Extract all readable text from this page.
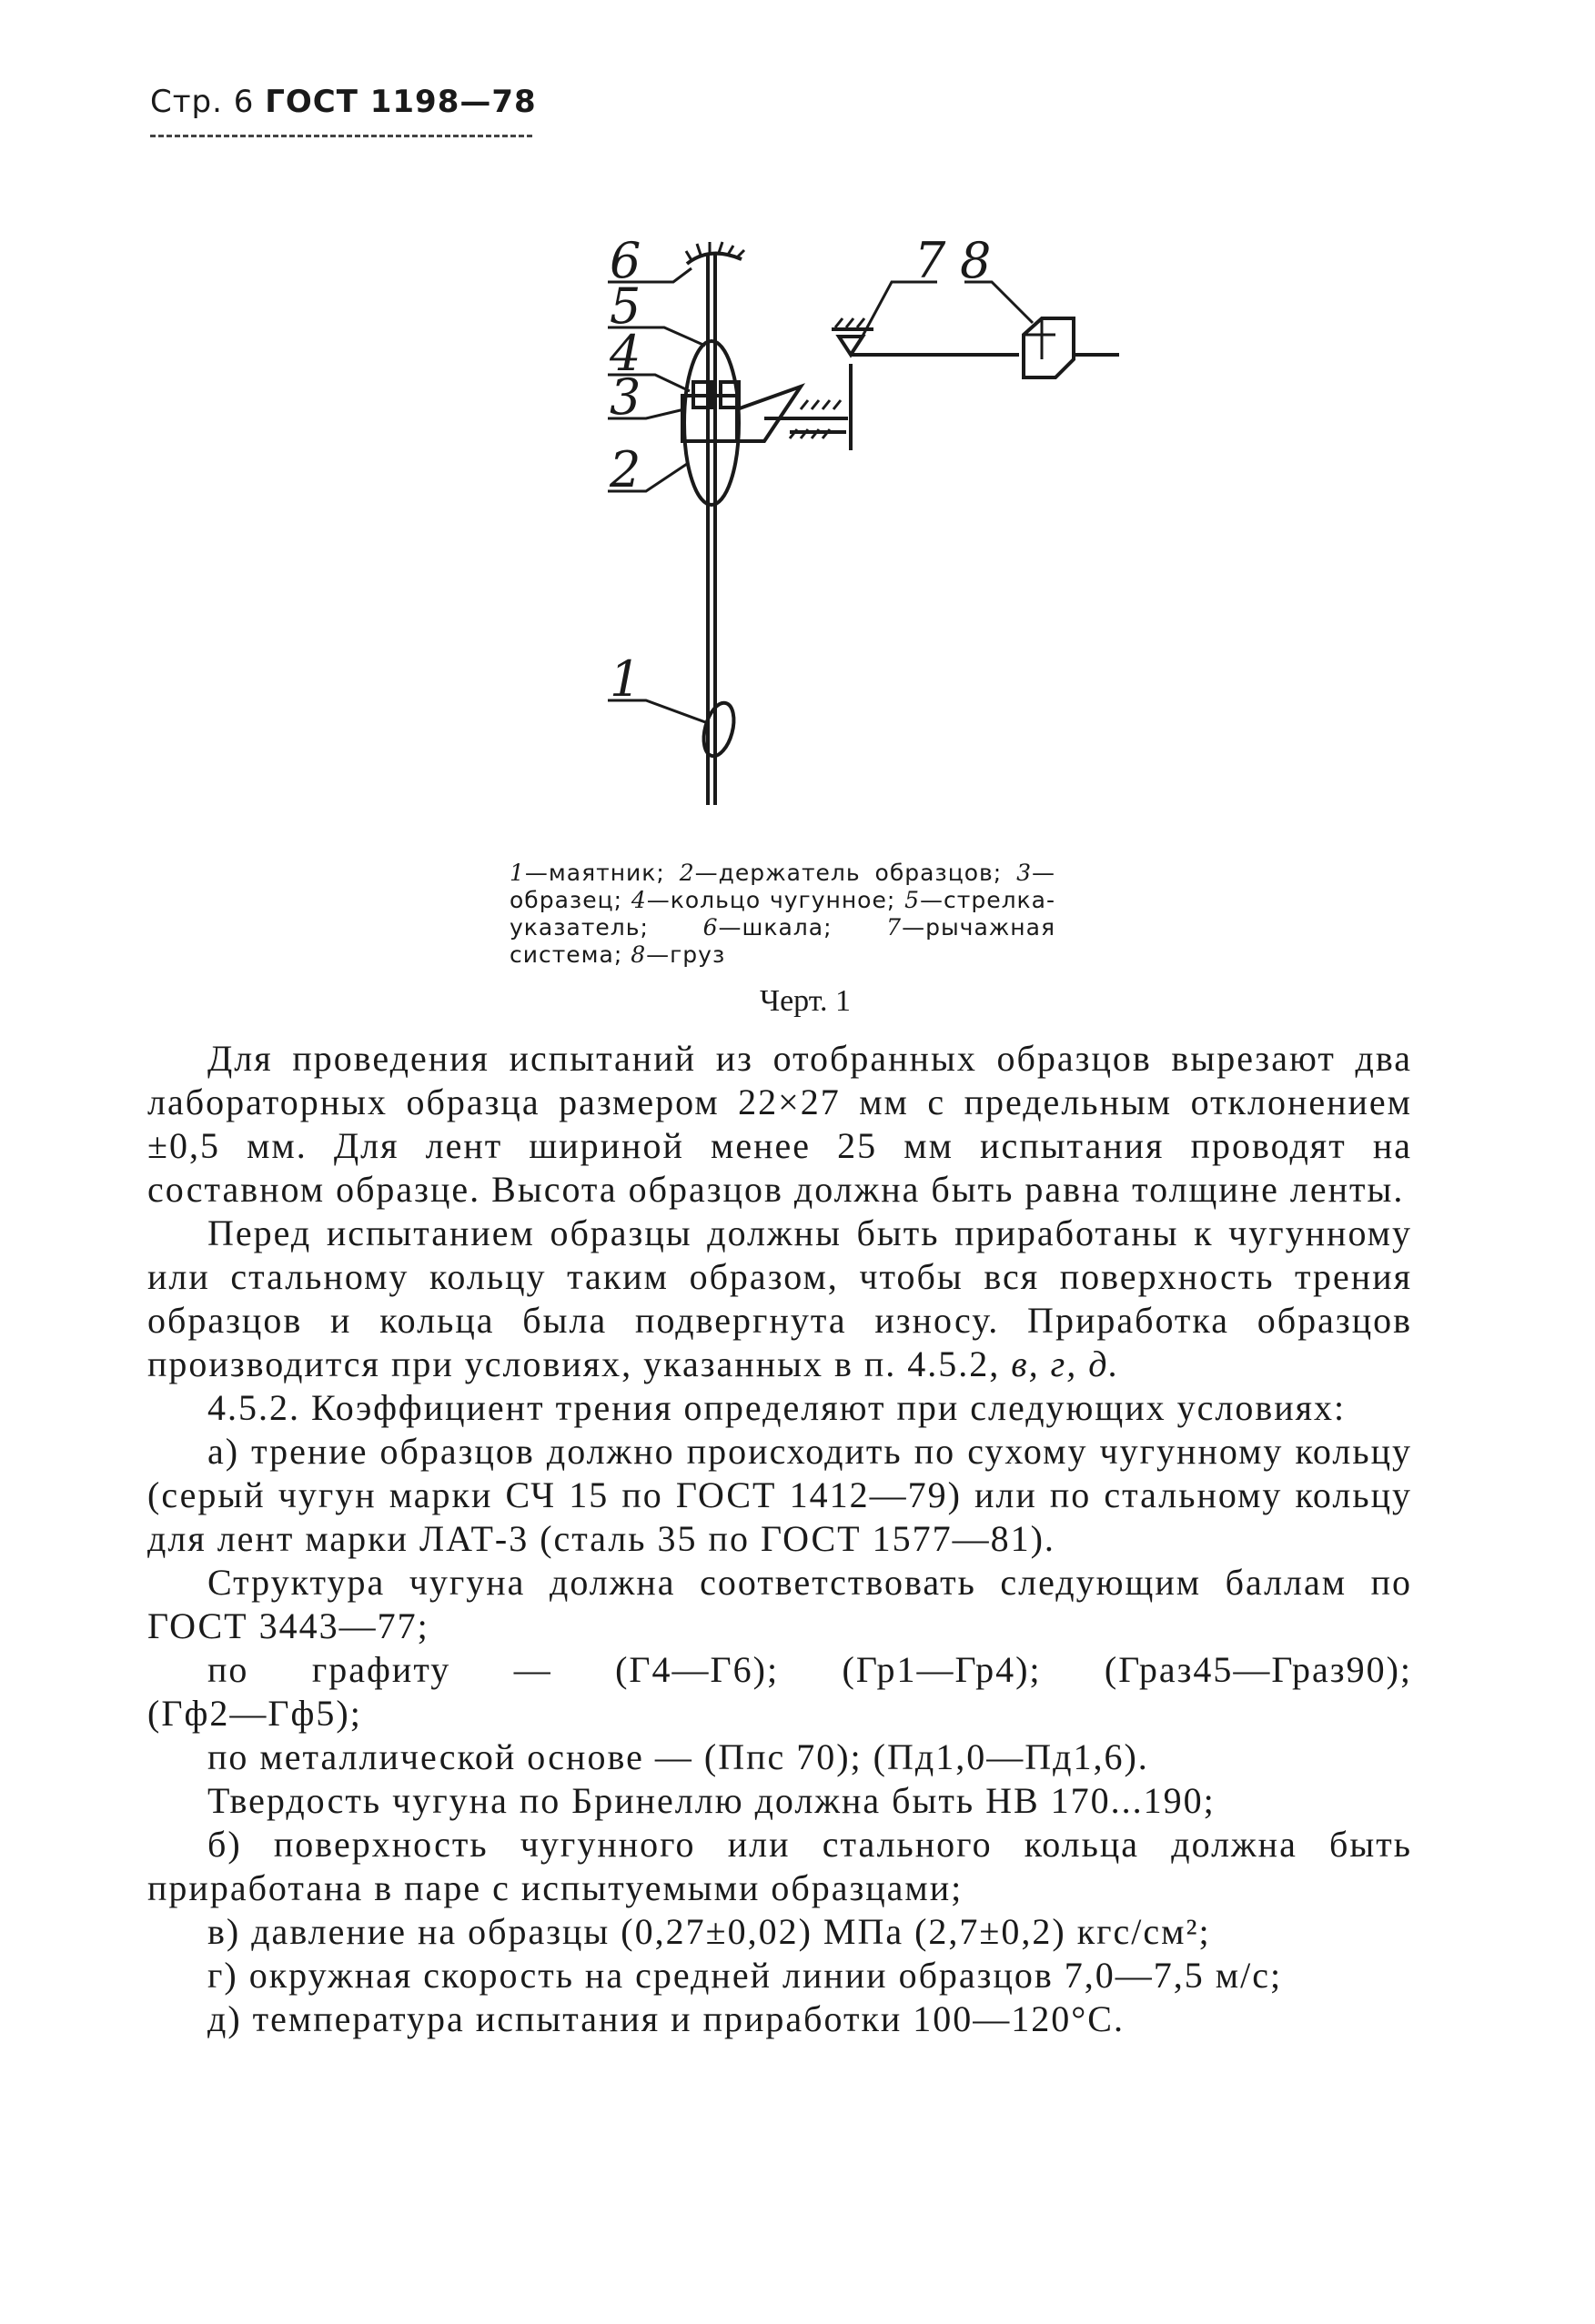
Стр. 6 ГОСТ 1198—78
6
5
4
3
2
1
7 8
1—маятник; 2—держатель образцов; 3—образец; 4—кольцо чугунное; 5—стрелка-указатель; 6—шкала; 7—рычажная система; 8—груз
Черт. 1

Для проведения испытаний из отобранных образцов вырезают два лабораторных образца размером 22×27 мм с предельным отклонением ±0,5 мм. Для лент шириной менее 25 мм испытания проводят на составном образце. Высота образцов должна быть равна толщине ленты.

Перед испытанием образцы должны быть приработаны к чугунному или стальному кольцу таким образом, чтобы вся поверхность трения образцов и кольца была подвергнута износу. Приработка образцов производится при условиях, указанных в п. 4.5.2, в, г, д.

4.5.2. Коэффициент трения определяют при следующих условиях:

а) трение образцов должно происходить по сухому чугунному кольцу (серый чугун марки СЧ 15 по ГОСТ 1412—79) или по стальному кольцу для лент марки ЛАТ-3 (сталь 35 по ГОСТ 1577—81).

Структура чугуна должна соответствовать следующим баллам по ГОСТ 3443—77;

по графиту — (Г4—Г6); (Гр1—Гр4); (Граз45—Граз90);

(Гф2—Гф5);

по металлической основе — (Ппс 70); (Пд1,0—Пд1,6).

Твердость чугуна по Бринеллю должна быть НВ 170...190;

б) поверхность чугунного или стального кольца должна быть приработана в паре с испытуемыми образцами;

в) давление на образцы (0,27±0,02) МПа (2,7±0,2) кгс/см²;

г) окружная скорость на средней линии образцов 7,0—7,5 м/с;

д) температура испытания и приработки 100—120°С.
